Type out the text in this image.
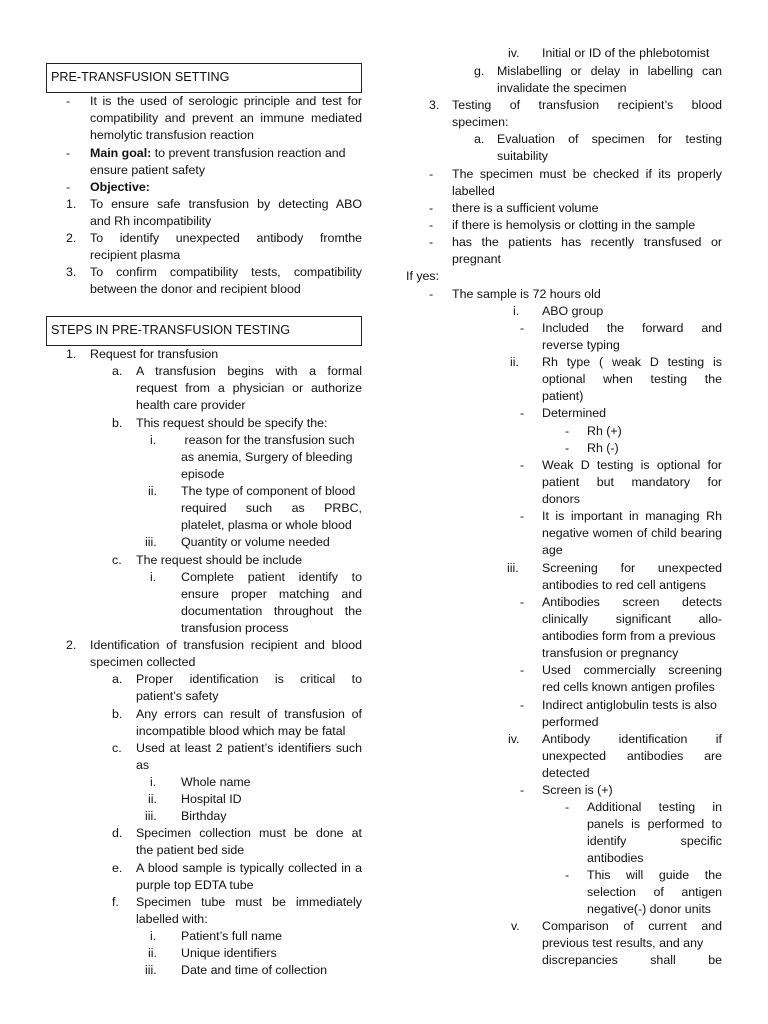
PRE-TRANSFUSION SETTING
- It is the used of serologic principle and test for
compatibility and prevent an immune mediated
hemolytic transfusion reaction
- Main goal: to prevent transfusion reaction and
ensure patient safety
- Objective:
1. To ensure safe transfusion by detecting ABO
and Rh incompatibility
2. To identify unexpected antibody fromthe
recipient plasma
3. To confirm compatibility tests, compatibility
between the donor and recipient blood
STEPS IN PRE-TRANSFUSION TESTING
1. Request for transfusion
a. A transfusion begins with a formal
request from a physician or authorize
health care provider
b. This request should be specify the:
i. reason for the transfusion such
as anemia, Surgery of bleeding
episode
ii. The type of component of blood
required such as PRBC,
platelet, plasma or whole blood
iii. Quantity or volume needed
c. The request should be include
i. Complete patient identify to
ensure proper matching and
documentation throughout the
transfusion process
2. Identification of transfusion recipient and blood
specimen collected
a. Proper identification is critical to
patient’s safety
b. Any errors can result of transfusion of
incompatible blood which may be fatal
c. Used at least 2 patient’s identifiers such
as
i. Whole name
ii. Hospital ID
iii. Birthday
d. Specimen collection must be done at
the patient bed side
e. A blood sample is typically collected in a
purple top EDTA tube
f. Specimen tube must be immediately
labelled with:
i. Patient’s full name
ii. Unique identifiers
iii. Date and time of collection
iv. Initial or ID of the phlebotomist
g. Mislabelling or delay in labelling can
invalidate the specimen
3. Testing of transfusion recipient’s blood
specimen:
a. Evaluation of specimen for testing
suitability
- The specimen must be checked if its properly
labelled
- there is a sufficient volume
- if there is hemolysis or clotting in the sample
- has the patients has recently transfused or
pregnant
If yes:
- The sample is 72 hours old
i. ABO group
- Included the forward and
reverse typing
ii. Rh type ( weak D testing is
optional when testing the
patient)
- Determined
- Rh (+)
- Rh (-)
- Weak D testing is optional for
patient but mandatory for
donors
- It is important in managing Rh
negative women of child bearing
age
iii. Screening for unexpected
antibodies to red cell antigens
- Antibodies screen detects
clinically significant allo-
antibodies form from a previous
transfusion or pregnancy
- Used commercially screening
red cells known antigen profiles
- Indirect antiglobulin tests is also
performed
iv. Antibody identification if
unexpected antibodies are
detected
- Screen is (+)
- Additional testing in
panels is performed to
identify specific
antibodies
- This will guide the
selection of antigen
negative(-) donor units
v. Comparison of current and
previous test results, and any
discrepancies shall be
